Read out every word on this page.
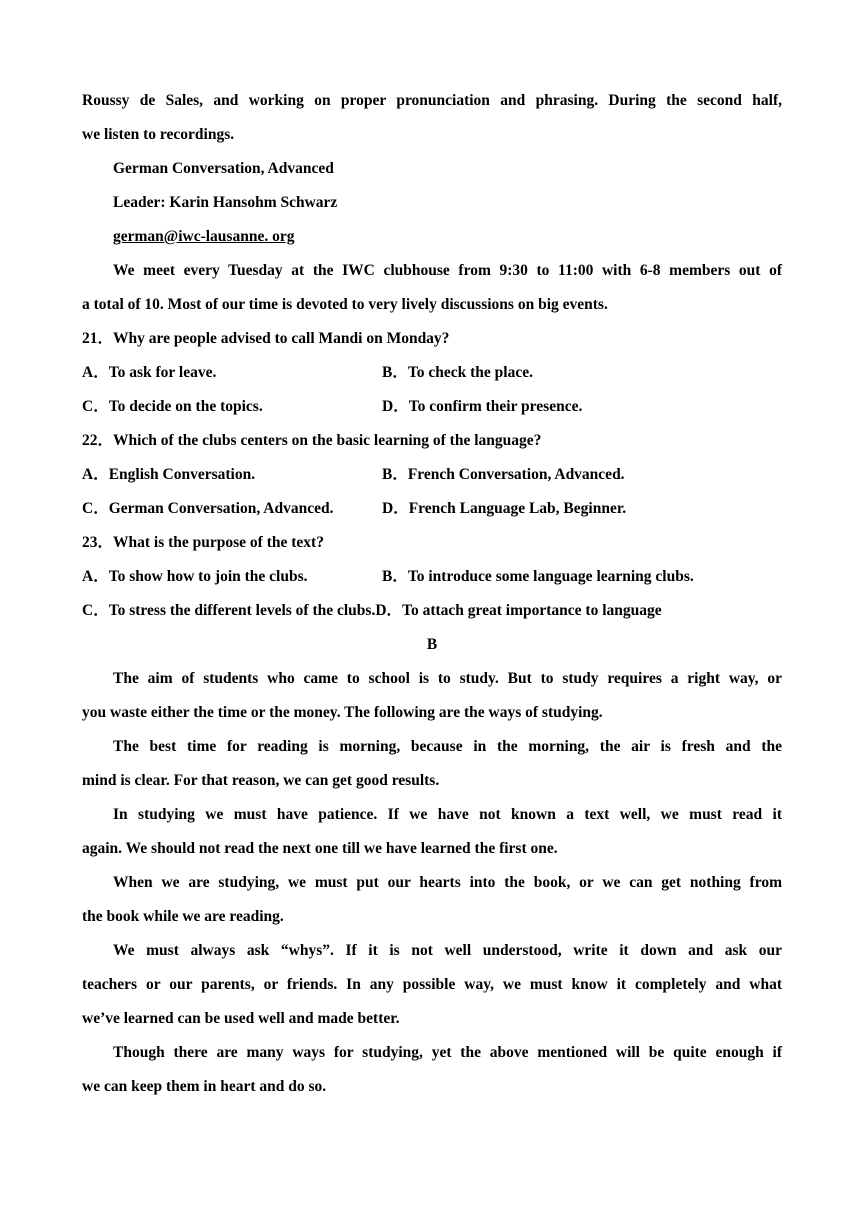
Roussy de Sales, and working on proper pronunciation and phrasing. During the second half,
we listen to recordings.
German Conversation, Advanced
Leader: Karin Hansohm Schwarz
german@iwc-lausanne. org
We meet every Tuesday at the IWC clubhouse from 9:30 to 11:00 with 6-8 members out of
a total of 10. Most of our time is devoted to very lively discussions on big events.
21．Why are people advised to call Mandi on Monday?
A．To ask for leave.	B．To check the place.
C．To decide on the topics.	D．To confirm their presence.
22．Which of the clubs centers on the basic learning of the language?
A．English Conversation.	B．French Conversation, Advanced.
C．German Conversation, Advanced.	D．French Language Lab, Beginner.
23．What is the purpose of the text?
A．To show how to join the clubs.	B．To introduce some language learning clubs.
C．To stress the different levels of the clubs.D．To attach great importance to language
B
The aim of students who came to school is to study. But to study requires a right way, or
you waste either the time or the money. The following are the ways of studying.
The best time for reading is morning, because in the morning, the air is fresh and the
mind is clear. For that reason, we can get good results.
In studying we must have patience. If we have not known a text well, we must read it
again. We should not read the next one till we have learned the first one.
When we are studying, we must put our hearts into the book, or we can get nothing from
the book while we are reading.
We must always ask “whys”. If it is not well understood, write it down and ask our
teachers or our parents, or friends. In any possible way, we must know it completely and what
we’ve learned can be used well and made better.
Though there are many ways for studying, yet the above mentioned will be quite enough if
we can keep them in heart and do so.
